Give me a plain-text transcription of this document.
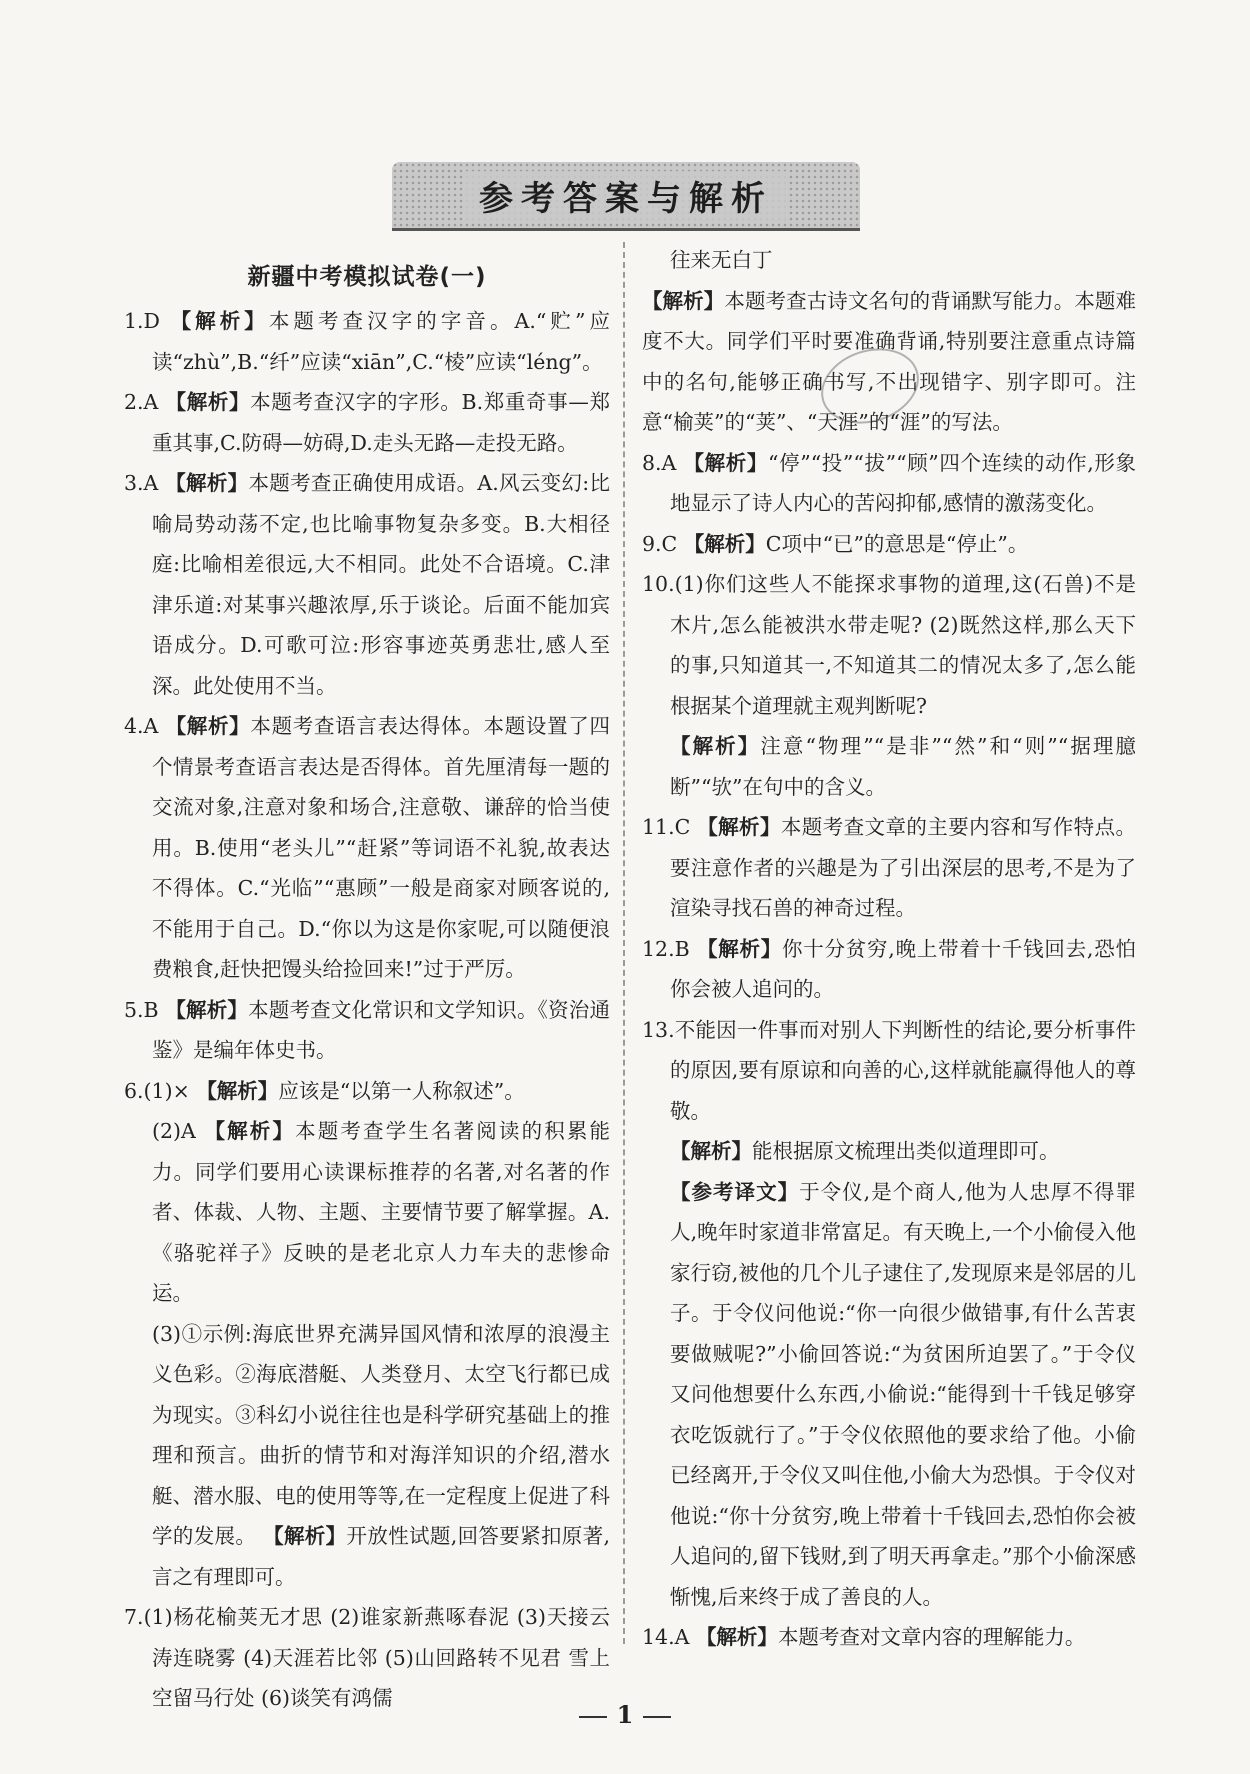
参考答案与解析
新疆中考模拟试卷(一)

1.D 【解析】本题考查汉字的字音。A.“贮”应读“zhù”,B.“纤”应读“xiān”,C.“棱”应读“léng”。

2.A 【解析】本题考查汉字的字形。B.郑重奇事—郑重其事,C.防碍—妨碍,D.走头无路—走投无路。

3.A 【解析】本题考查正确使用成语。A.风云变幻:比喻局势动荡不定,也比喻事物复杂多变。B.大相径庭:比喻相差很远,大不相同。此处不合语境。C.津津乐道:对某事兴趣浓厚,乐于谈论。后面不能加宾语成分。D.可歌可泣:形容事迹英勇悲壮,感人至深。此处使用不当。

4.A 【解析】本题考查语言表达得体。本题设置了四个情景考查语言表达是否得体。首先厘清每一题的交流对象,注意对象和场合,注意敬、谦辞的恰当使用。B.使用“老头儿”“赶紧”等词语不礼貌,故表达不得体。C.“光临”“惠顾”一般是商家对顾客说的,不能用于自己。D.“你以为这是你家呢,可以随便浪费粮食,赶快把馒头给捡回来!”过于严厉。

5.B 【解析】本题考查文化常识和文学知识。《资治通鉴》是编年体史书。

6.(1)× 【解析】应该是“以第一人称叙述”。

(2)A 【解析】本题考查学生名著阅读的积累能力。同学们要用心读课标推荐的名著,对名著的作者、体裁、人物、主题、主要情节要了解掌握。A.《骆驼祥子》反映的是老北京人力车夫的悲惨命运。

(3)①示例:海底世界充满异国风情和浓厚的浪漫主义色彩。②海底潜艇、人类登月、太空飞行都已成为现实。③科幻小说往往也是科学研究基础上的推理和预言。曲折的情节和对海洋知识的介绍,潜水艇、潜水服、电的使用等等,在一定程度上促进了科学的发展。 【解析】开放性试题,回答要紧扣原著,言之有理即可。

7.(1)杨花榆荚无才思 (2)谁家新燕啄春泥 (3)天接云涛连晓雾 (4)天涯若比邻 (5)山回路转不见君 雪上空留马行处 (6)谈笑有鸿儒

往来无白丁

【解析】本题考查古诗文名句的背诵默写能力。本题难度不大。同学们平时要准确背诵,特别要注意重点诗篇中的名句,能够正确书写,不出现错字、别字即可。注意“榆荚”的“荚”、“天涯”的“涯”的写法。

8.A 【解析】“停”“投”“拔”“顾”四个连续的动作,形象地显示了诗人内心的苦闷抑郁,感情的激荡变化。

9.C 【解析】C项中“已”的意思是“停止”。

10.(1)你们这些人不能探求事物的道理,这(石兽)不是木片,怎么能被洪水带走呢? (2)既然这样,那么天下的事,只知道其一,不知道其二的情况太多了,怎么能根据某个道理就主观判断呢?

【解析】注意“物理”“是非”“然”和“则”“据理臆断”“欤”在句中的含义。

11.C 【解析】本题考查文章的主要内容和写作特点。要注意作者的兴趣是为了引出深层的思考,不是为了渲染寻找石兽的神奇过程。

12.B 【解析】你十分贫穷,晚上带着十千钱回去,恐怕你会被人追问的。

13.不能因一件事而对别人下判断性的结论,要分析事件的原因,要有原谅和向善的心,这样就能赢得他人的尊敬。

【解析】能根据原文梳理出类似道理即可。

【参考译文】于令仪,是个商人,他为人忠厚不得罪人,晚年时家道非常富足。有天晚上,一个小偷侵入他家行窃,被他的几个儿子逮住了,发现原来是邻居的儿子。于令仪问他说:“你一向很少做错事,有什么苦衷要做贼呢?”小偷回答说:“为贫困所迫罢了。”于令仪又问他想要什么东西,小偷说:“能得到十千钱足够穿衣吃饭就行了。”于令仪依照他的要求给了他。小偷已经离开,于令仪又叫住他,小偷大为恐惧。于令仪对他说:“你十分贫穷,晚上带着十千钱回去,恐怕你会被人追问的,留下钱财,到了明天再拿走。”那个小偷深感惭愧,后来终于成了善良的人。

14.A 【解析】本题考查对文章内容的理解能力。

1
